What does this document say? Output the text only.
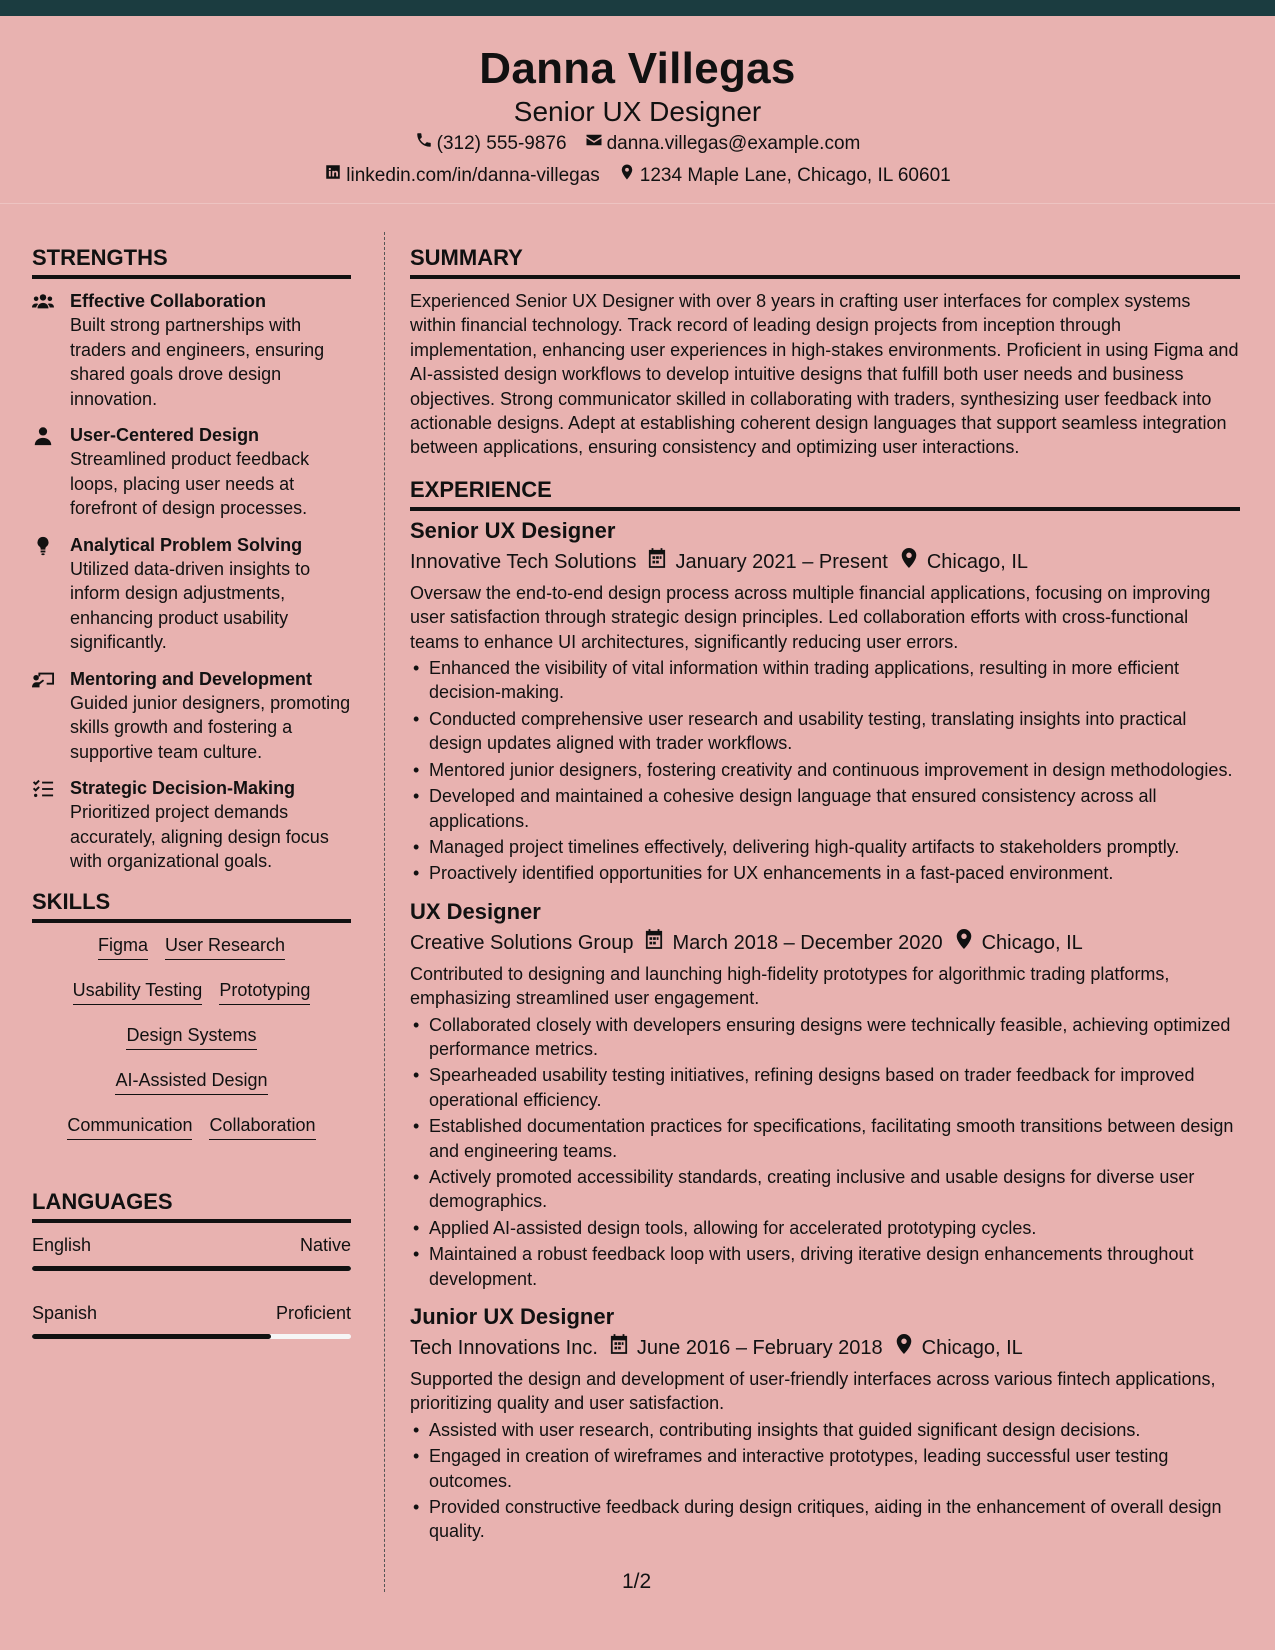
Danna Villegas
Senior UX Designer
(312) 555-9876 danna.villegas@example.com
linkedin.com/in/danna-villegas 1234 Maple Lane, Chicago, IL 60601
STRENGTHS
Effective Collaboration
Built strong partnerships with traders and engineers, ensuring shared goals drove design innovation.
User-Centered Design
Streamlined product feedback loops, placing user needs at forefront of design processes.
Analytical Problem Solving
Utilized data-driven insights to inform design adjustments, enhancing product usability significantly.
Mentoring and Development
Guided junior designers, promoting skills growth and fostering a supportive team culture.
Strategic Decision-Making
Prioritized project demands accurately, aligning design focus with organizational goals.
SKILLS
Figma User Research
Usability Testing Prototyping
Design Systems
AI-Assisted Design
Communication Collaboration
LANGUAGES
English	Native
Spanish	Proficient
SUMMARY

Experienced Senior UX Designer with over 8 years in crafting user interfaces for complex systems within financial technology. Track record of leading design projects from inception through implementation, enhancing user experiences in high-stakes environments. Proficient in using Figma and AI-assisted design workflows to develop intuitive designs that fulfill both user needs and business objectives. Strong communicator skilled in collaborating with traders, synthesizing user feedback into actionable designs. Adept at establishing coherent design languages that support seamless integration between applications, ensuring consistency and optimizing user interactions.

EXPERIENCE
Senior UX Designer
Innovative Tech Solutions January 2021 – Present Chicago, IL

Oversaw the end-to-end design process across multiple financial applications, focusing on improving user satisfaction through strategic design principles. Led collaboration efforts with cross-functional teams to enhance UI architectures, significantly reducing user errors.

• Enhanced the visibility of vital information within trading applications, resulting in more efficient decision-making.
• Conducted comprehensive user research and usability testing, translating insights into practical design updates aligned with trader workflows.
• Mentored junior designers, fostering creativity and continuous improvement in design methodologies.
• Developed and maintained a cohesive design language that ensured consistency across all applications.
• Managed project timelines effectively, delivering high-quality artifacts to stakeholders promptly.
• Proactively identified opportunities for UX enhancements in a fast-paced environment.
UX Designer
Creative Solutions Group March 2018 – December 2020 Chicago, IL

Contributed to designing and launching high-fidelity prototypes for algorithmic trading platforms, emphasizing streamlined user engagement.

• Collaborated closely with developers ensuring designs were technically feasible, achieving optimized performance metrics.
• Spearheaded usability testing initiatives, refining designs based on trader feedback for improved operational efficiency.
• Established documentation practices for specifications, facilitating smooth transitions between design and engineering teams.
• Actively promoted accessibility standards, creating inclusive and usable designs for diverse user demographics.
• Applied AI-assisted design tools, allowing for accelerated prototyping cycles.
• Maintained a robust feedback loop with users, driving iterative design enhancements throughout development.
Junior UX Designer
Tech Innovations Inc. June 2016 – February 2018 Chicago, IL

Supported the design and development of user-friendly interfaces across various fintech applications, prioritizing quality and user satisfaction.

• Assisted with user research, contributing insights that guided significant design decisions.
• Engaged in creation of wireframes and interactive prototypes, leading successful user testing outcomes.
• Provided constructive feedback during design critiques, aiding in the enhancement of overall design quality.
1/2
